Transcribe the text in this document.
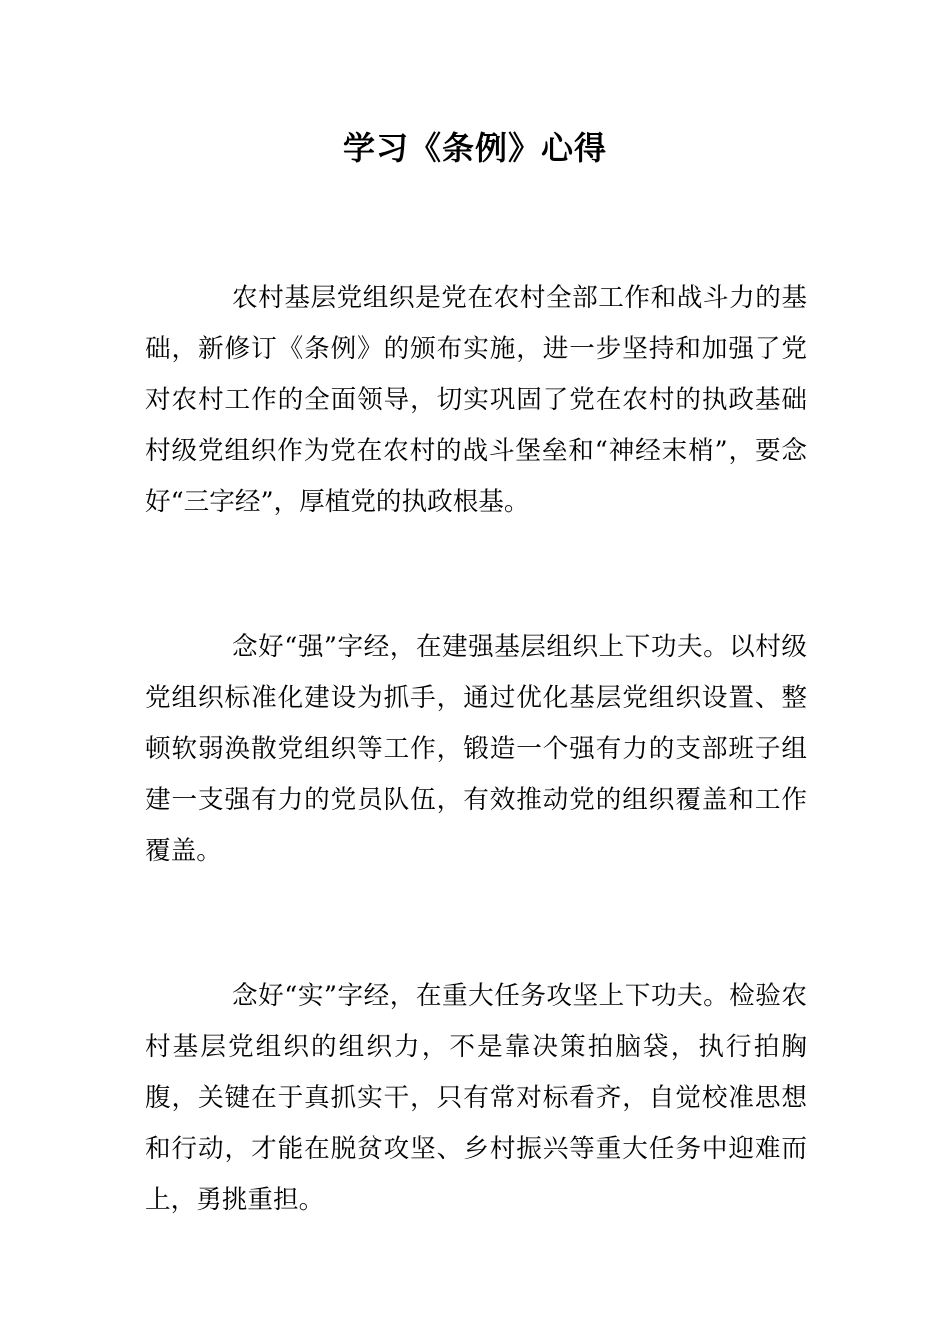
学习《条例》心得

农村基层党组织是党在农村全部工作和战斗力的基础，新修订《条例》的颁布实施，进一步坚持和加强了党对农村工作的全面领导，切实巩固了党在农村的执政基础村级党组织作为党在农村的战斗堡垒和“神经末梢”，要念好“三字经”，厚植党的执政根基。

念好“强”字经，在建强基层组织上下功夫。以村级党组织标准化建设为抓手，通过优化基层党组织设置、整顿软弱涣散党组织等工作，锻造一个强有力的支部班子组建一支强有力的党员队伍，有效推动党的组织覆盖和工作覆盖。

念好“实”字经，在重大任务攻坚上下功夫。检验农村基层党组织的组织力，不是靠决策拍脑袋，执行拍胸腹，关键在于真抓实干，只有常对标看齐，自觉校准思想和行动，才能在脱贫攻坚、乡村振兴等重大任务中迎难而上，勇挑重担。
